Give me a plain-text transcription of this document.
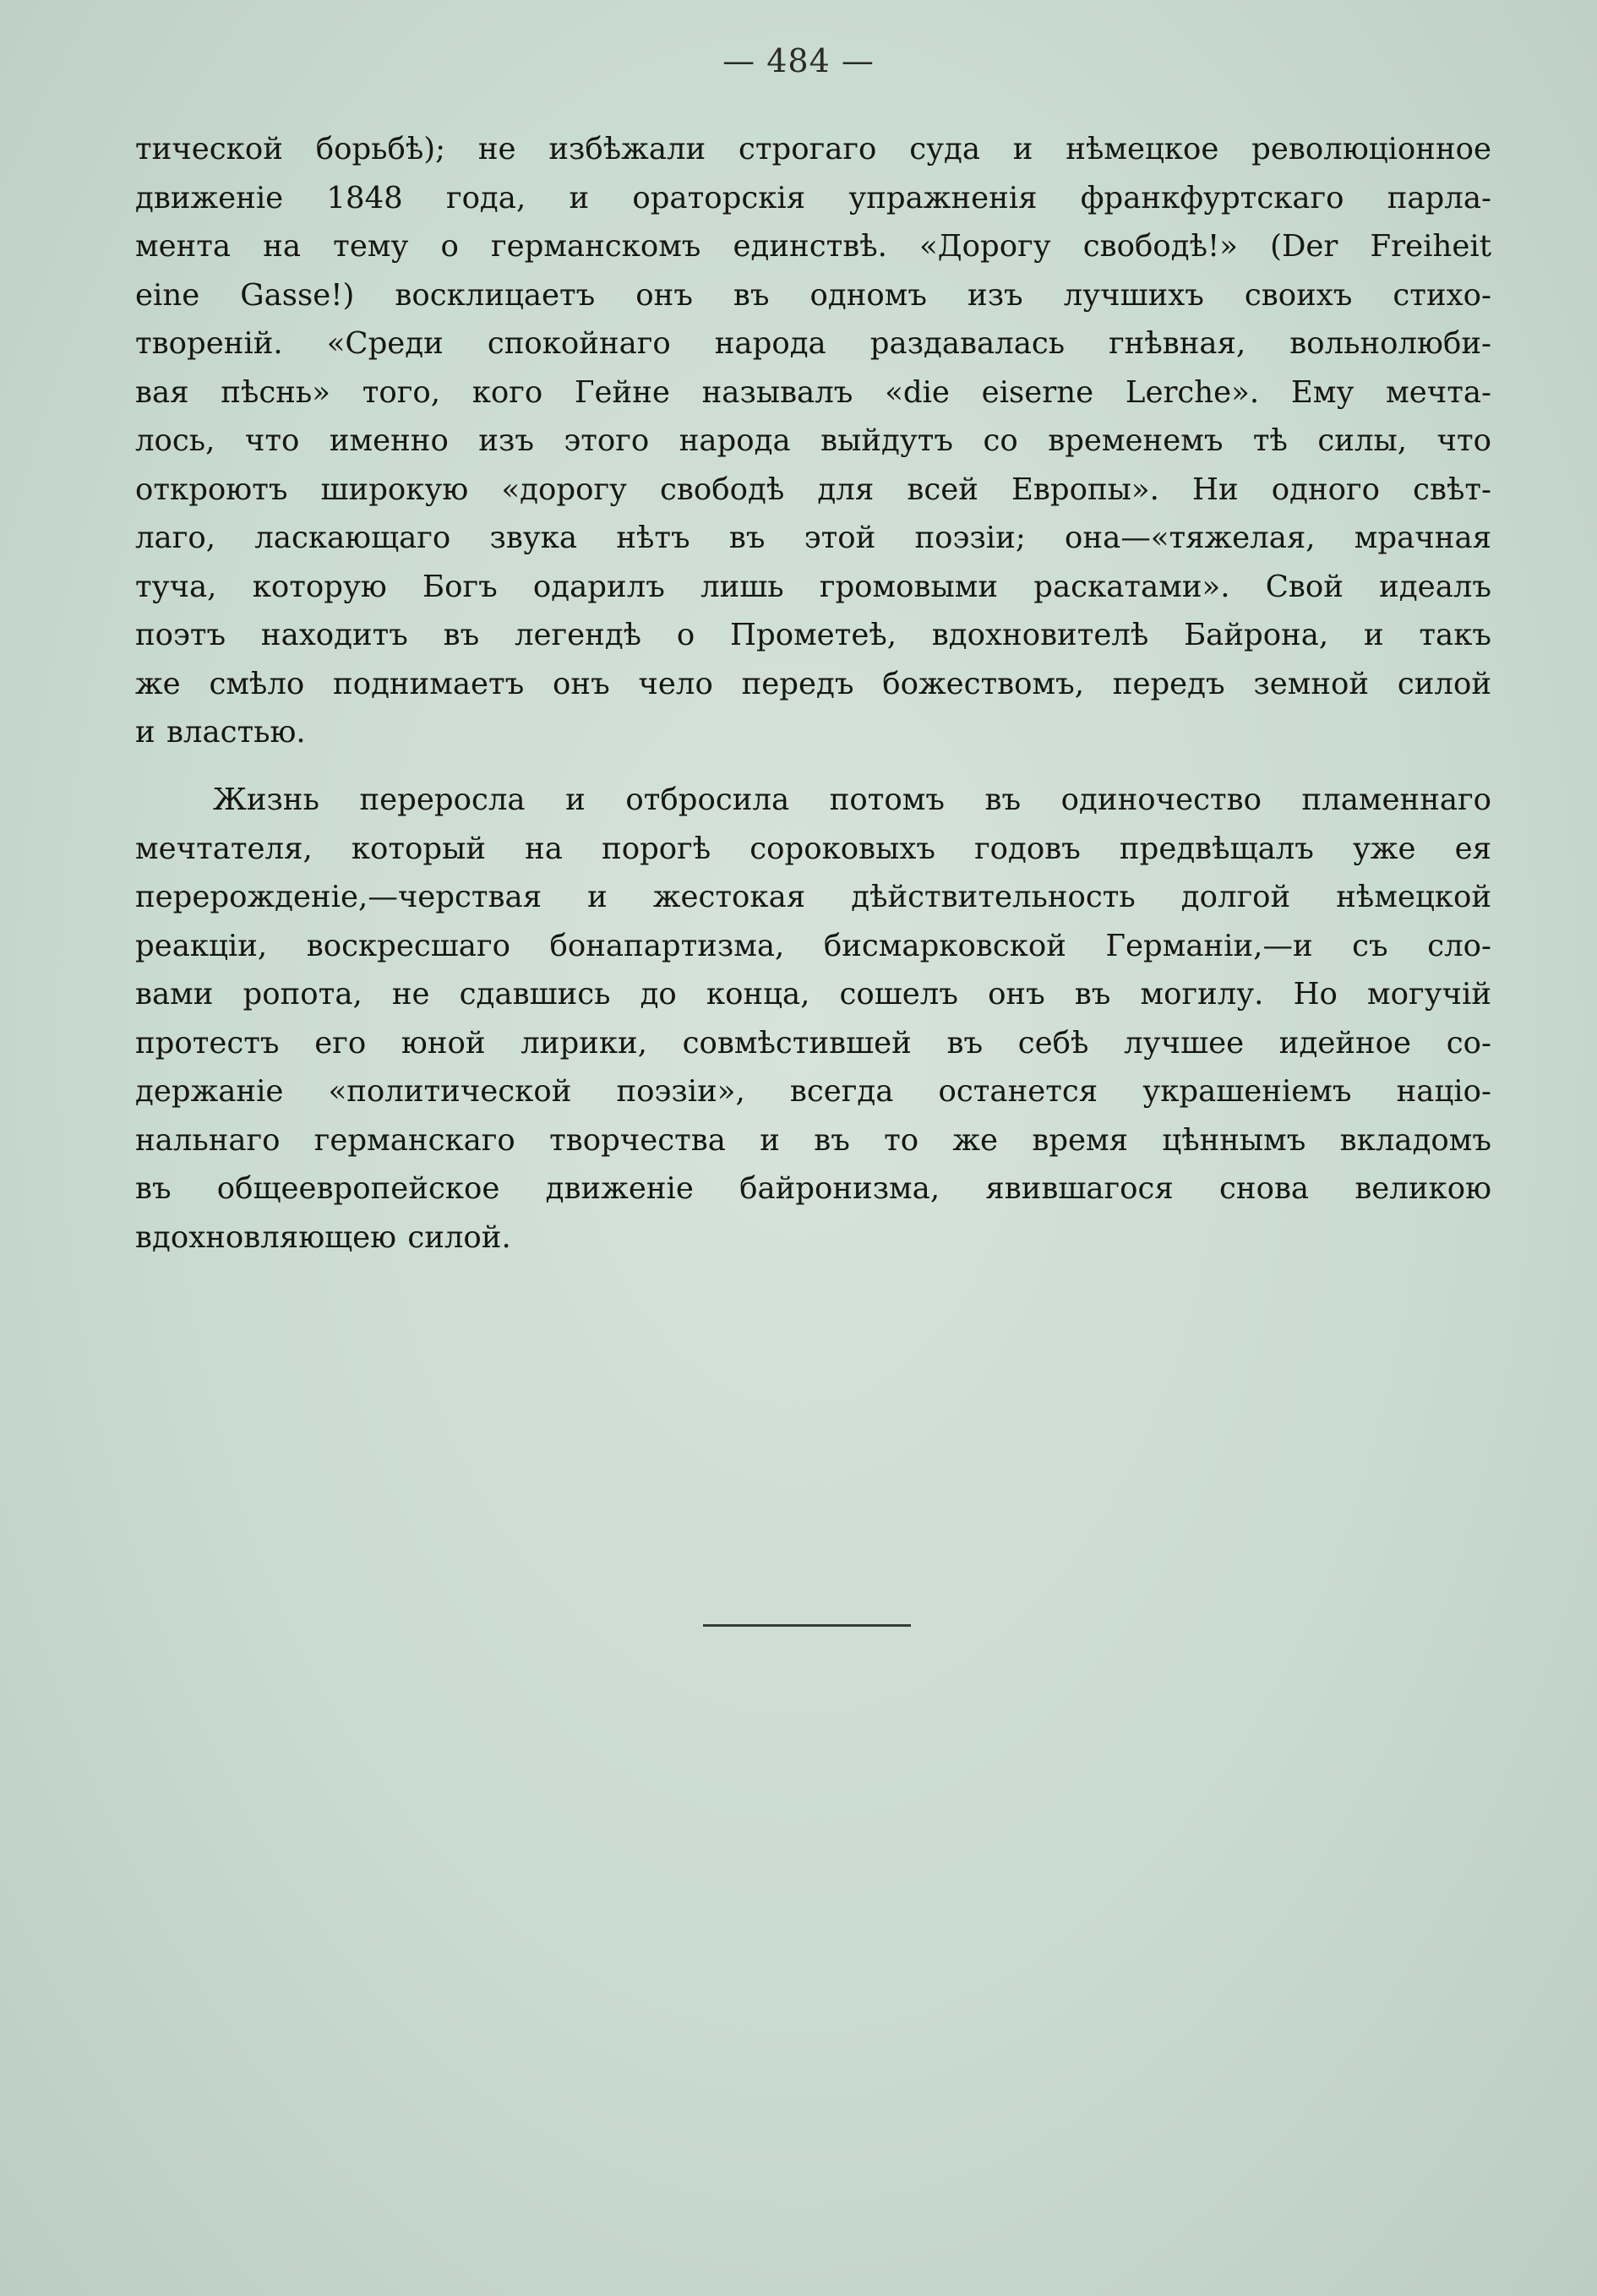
— 484 —
тической борьбѣ); не избѣжали строгаго суда и нѣмецкое революціонное
движеніе 1848 года, и ораторскія упражненія франкфуртскаго парла-
мента на тему о германскомъ единствѣ. «Дорогу свободѣ!» (Der Freiheit
eine Gasse!) восклицаетъ онъ въ одномъ изъ лучшихъ своихъ стихо-
твореній. «Среди спокойнаго народа раздавалась гнѣвная, вольнолюби-
вая пѣснь» того, кого Гейне называлъ «die eiserne Lerche». Ему мечта-
лось, что именно изъ этого народа выйдутъ со временемъ тѣ силы, что
откроютъ широкую «дорогу свободѣ для всей Европы». Ни одного свѣт-
лаго, ласкающаго звука нѣтъ въ этой поэзіи; она—«тяжелая, мрачная
туча, которую Богъ одарилъ лишь громовыми раскатами». Свой идеалъ
поэтъ находитъ въ легендѣ о Прометеѣ, вдохновителѣ Байрона, и такъ
же смѣло поднимаетъ онъ чело передъ божествомъ, передъ земной силой
и властью.
Жизнь переросла и отбросила потомъ въ одиночество пламеннаго
мечтателя, который на порогѣ сороковыхъ годовъ предвѣщалъ уже ея
перерожденіе,—черствая и жестокая дѣйствительность долгой нѣмецкой
реакціи, воскресшаго бонапартизма, бисмарковской Германіи,—и съ сло-
вами ропота, не сдавшись до конца, сошелъ онъ въ могилу. Но могучій
протестъ его юной лирики, совмѣстившей въ себѣ лучшее идейное со-
держаніе «политической поэзіи», всегда останется украшеніемъ націо-
нальнаго германскаго творчества и въ то же время цѣннымъ вкладомъ
въ общеевропейское движеніе байронизма, явившагося снова великою
вдохновляющею силой.
